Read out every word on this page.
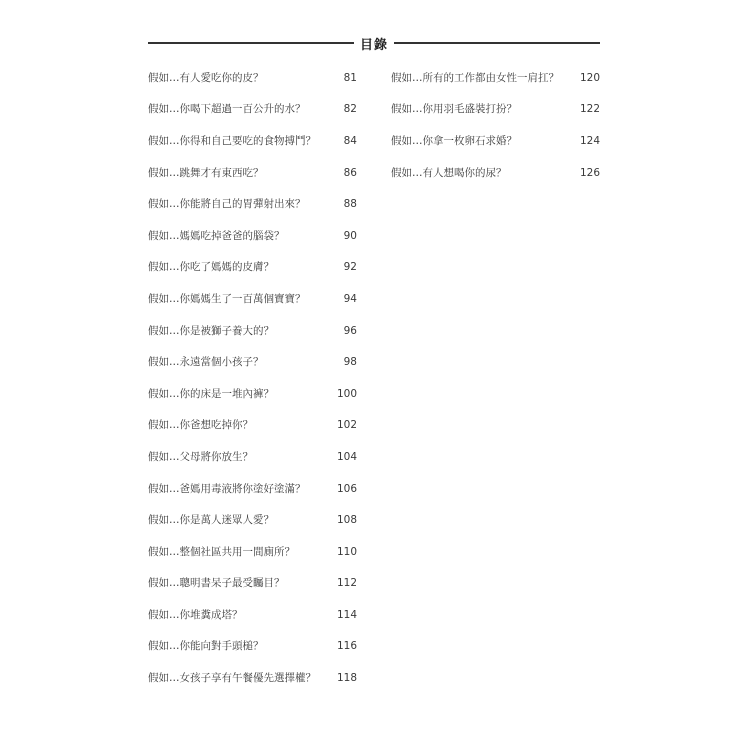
目錄
假如…有人愛吃你的皮？	81
假如…你喝下超過一百公升的水？	82
假如…你得和自己要吃的食物搏鬥？	84
假如…跳舞才有東西吃？	86
假如…你能將自己的胃彈射出來？	88
假如…媽媽吃掉爸爸的腦袋？	90
假如…你吃了媽媽的皮膚？	92
假如…你媽媽生了一百萬個寶寶？	94
假如…你是被獅子養大的？	96
假如…永遠當個小孩子？	98
假如…你的床是一堆內褲？	100
假如…你爸想吃掉你？	102
假如…父母將你放生？	104
假如…爸媽用毒液將你塗好塗滿？	106
假如…你是萬人迷眾人愛？	108
假如…整個社區共用一間廁所？	110
假如…聰明書呆子最受矚目？	112
假如…你堆糞成塔？	114
假如…你能向對手頭槌？	116
假如…女孩子享有午餐優先選擇權？ 118
假如…所有的工作都由女性一肩扛？ 120
假如…你用羽毛盛裝打扮？	122
假如…你拿一枚卵石求婚？	124
假如…有人想喝你的尿？	126
